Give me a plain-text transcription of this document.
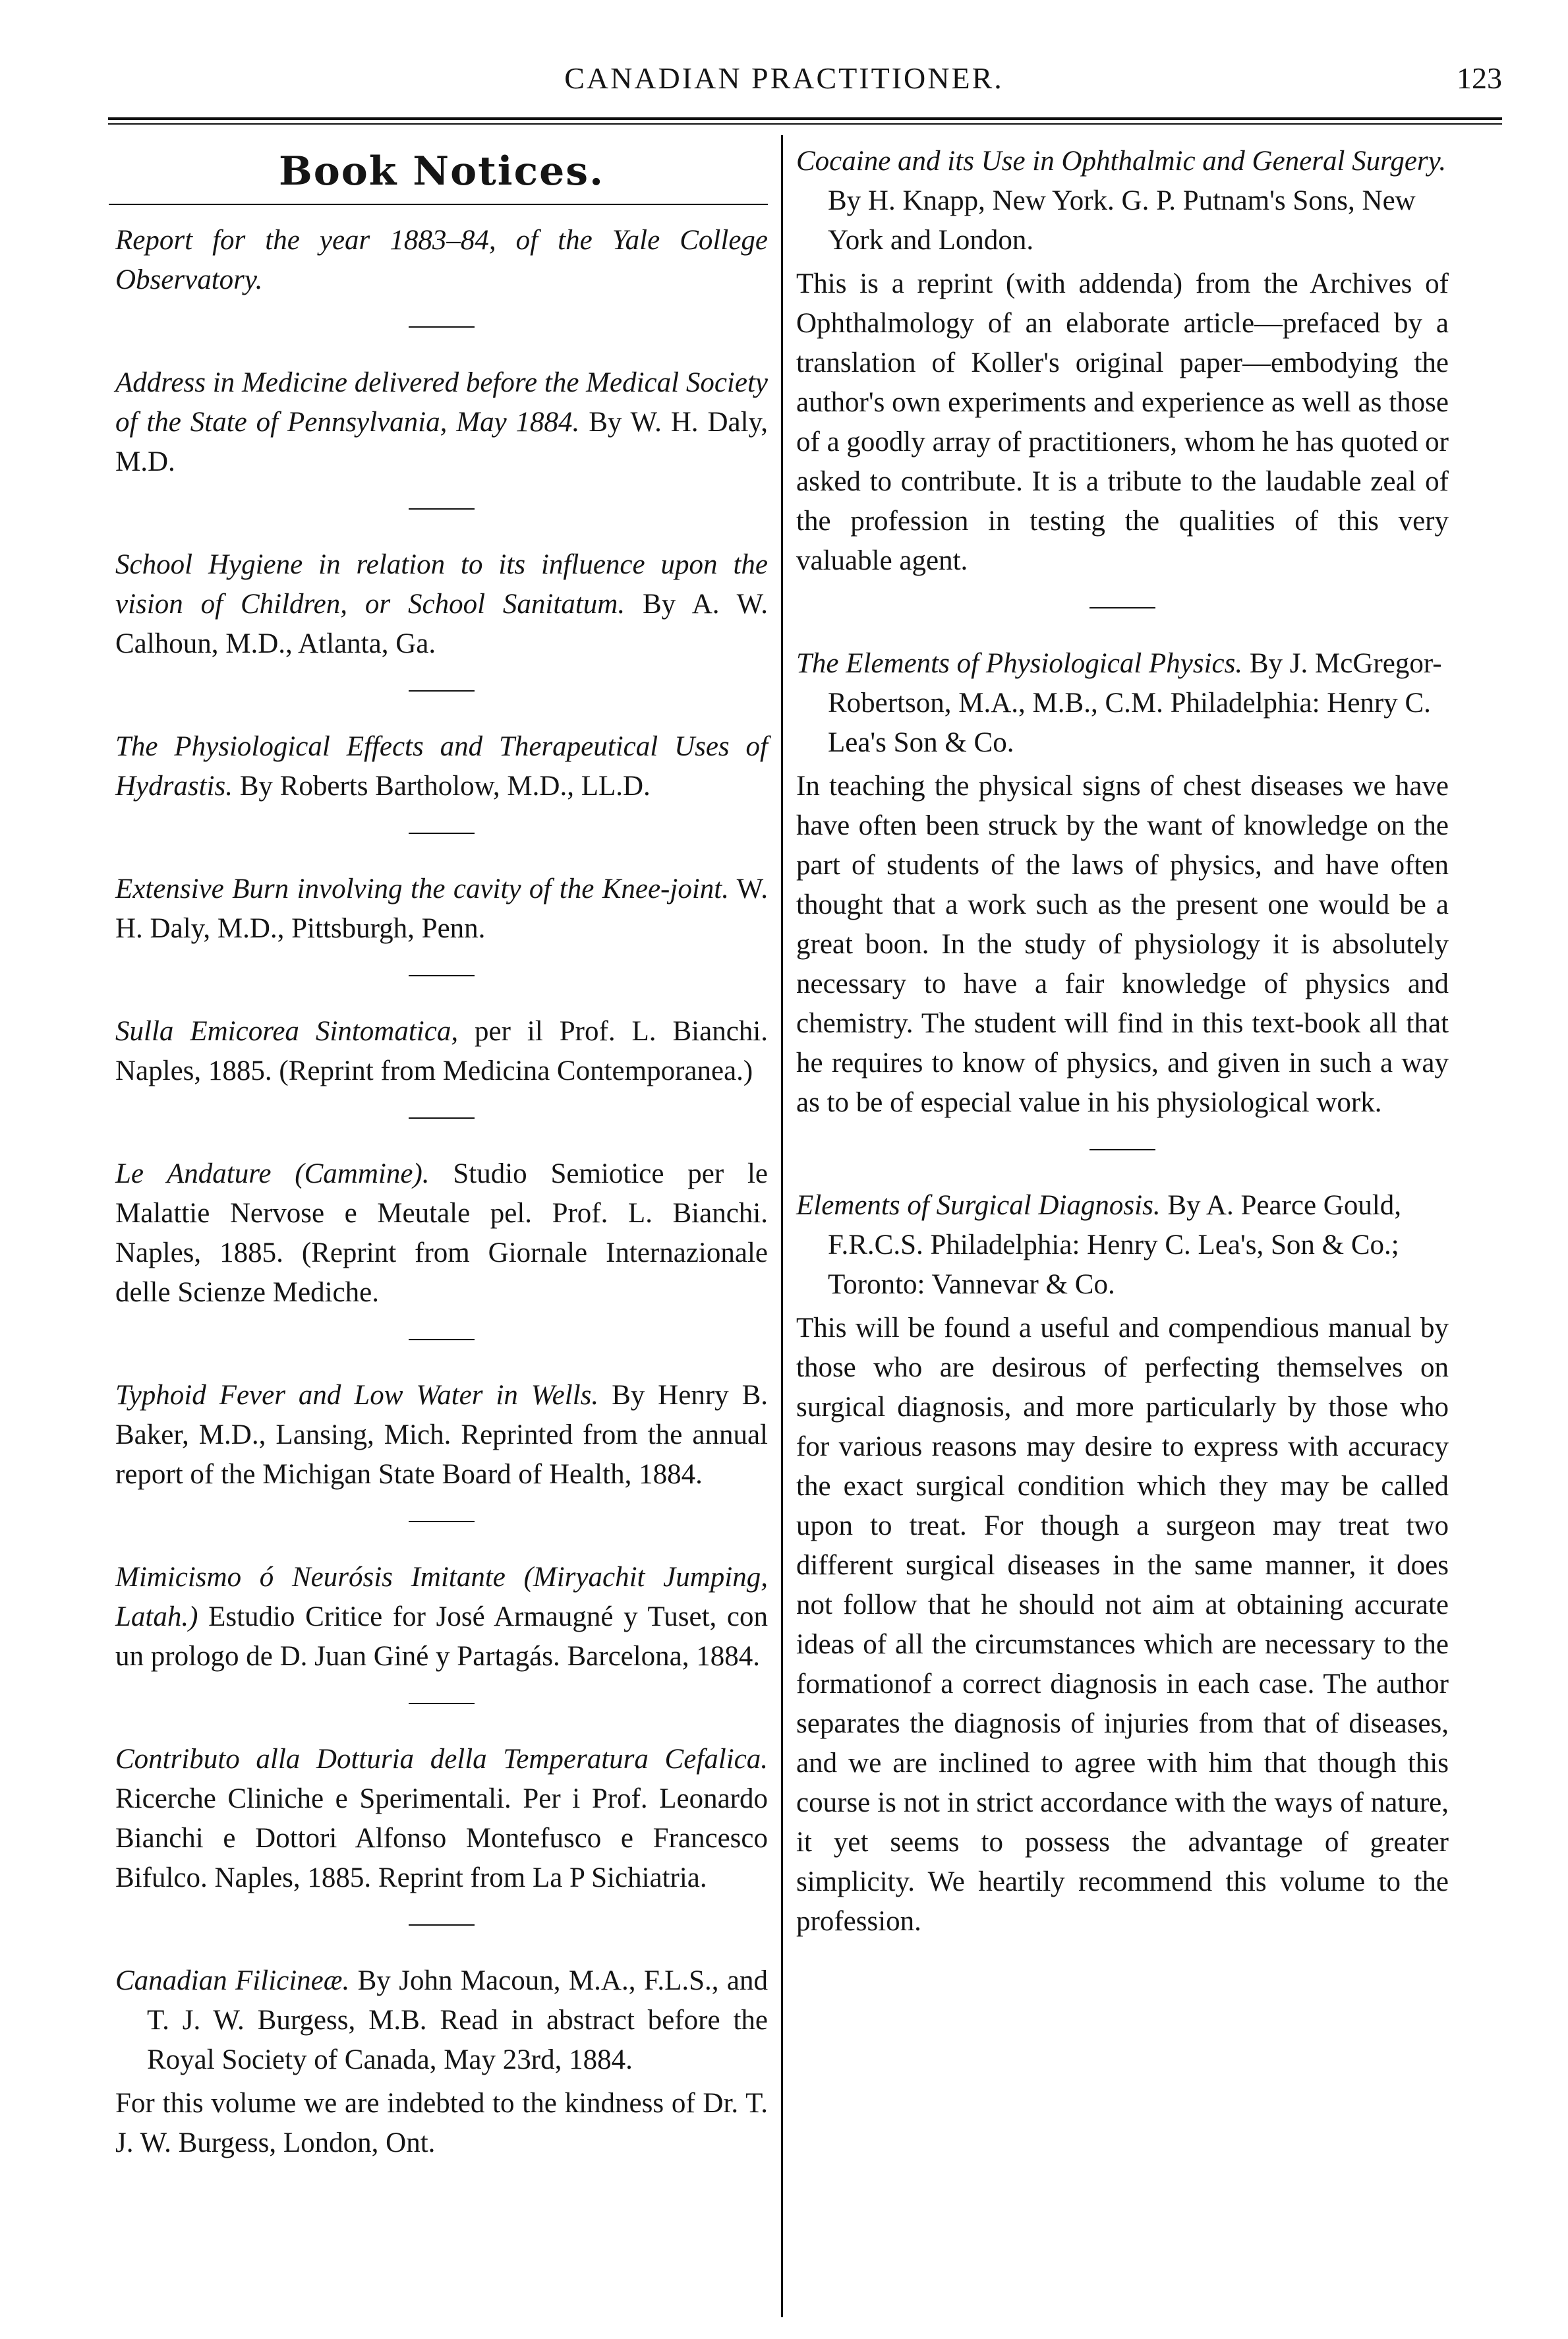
CANADIAN PRACTITIONER.	123
Book Notices.

Report for the year 1883–84, of the Yale College Observatory.

Address in Medicine delivered before the Medical Society of the State of Pennsylvania, May 1884. By W. H. Daly, M.D.

School Hygiene in relation to its influence upon the vision of Children, or School Sanitatum. By A. W. Calhoun, M.D., Atlanta, Ga.

The Physiological Effects and Therapeutical Uses of Hydrastis. By Roberts Bartholow, M.D., LL.D.

Extensive Burn involving the cavity of the Knee-joint. W. H. Daly, M.D., Pittsburgh, Penn.

Sulla Emicorea Sintomatica, per il Prof. L. Bianchi. Naples, 1885. (Reprint from Medicina Contemporanea.)

Le Andature (Cammine). Studio Semiotice per le Malattie Nervose e Meutale pel. Prof. L. Bianchi. Naples, 1885. (Reprint from Giornale Internazionale delle Scienze Mediche.

Typhoid Fever and Low Water in Wells. By Henry B. Baker, M.D., Lansing, Mich. Reprinted from the annual report of the Michigan State Board of Health, 1884.

Mimicismo ó Neurósis Imitante (Miryachit Jumping, Latah.) Estudio Critice for José Armaugné y Tuset, con un prologo de D. Juan Giné y Partagás. Barcelona, 1884.

Contributo alla Dotturia della Temperatura Cefalica. Ricerche Cliniche e Sperimentali. Per i Prof. Leonardo Bianchi e Dottori Alfonso Montefusco e Francesco Bifulco. Naples, 1885. Reprint from La P Sichiatria.

Canadian Filicineæ. By John Macoun, M.A., F.L.S., and T. J. W. Burgess, M.B. Read in abstract before the Royal Society of Canada, May 23rd, 1884.

For this volume we are indebted to the kindness of Dr. T. J. W. Burgess, London, Ont.

Cocaine and its Use in Ophthalmic and General Surgery. By H. Knapp, New York. G. P. Putnam's Sons, New York and London.

This is a reprint (with addenda) from the Archives of Ophthalmology of an elaborate article—prefaced by a translation of Koller's original paper—embodying the author's own experiments and experience as well as those of a goodly array of practitioners, whom he has quoted or asked to contribute. It is a tribute to the laudable zeal of the profession in testing the qualities of this very valuable agent.

The Elements of Physiological Physics. By J. McGregor-Robertson, M.A., M.B., C.M. Philadelphia: Henry C. Lea's Son & Co.

In teaching the physical signs of chest diseases we have have often been struck by the want of knowledge on the part of students of the laws of physics, and have often thought that a work such as the present one would be a great boon. In the study of physiology it is absolutely necessary to have a fair knowledge of physics and chemistry. The student will find in this text-book all that he requires to know of physics, and given in such a way as to be of especial value in his physiological work.

Elements of Surgical Diagnosis. By A. Pearce Gould, F.R.C.S. Philadelphia: Henry C. Lea's, Son & Co.; Toronto: Vannevar & Co.

This will be found a useful and compendious manual by those who are desirous of perfecting themselves on surgical diagnosis, and more particularly by those who for various reasons may desire to express with accuracy the exact surgical condition which they may be called upon to treat. For though a surgeon may treat two different surgical diseases in the same manner, it does not follow that he should not aim at obtaining accurate ideas of all the circumstances which are necessary to the formationof a correct diagnosis in each case. The author separates the diagnosis of injuries from that of diseases, and we are inclined to agree with him that though this course is not in strict accordance with the ways of nature, it yet seems to possess the advantage of greater simplicity. We heartily recommend this volume to the profession.
